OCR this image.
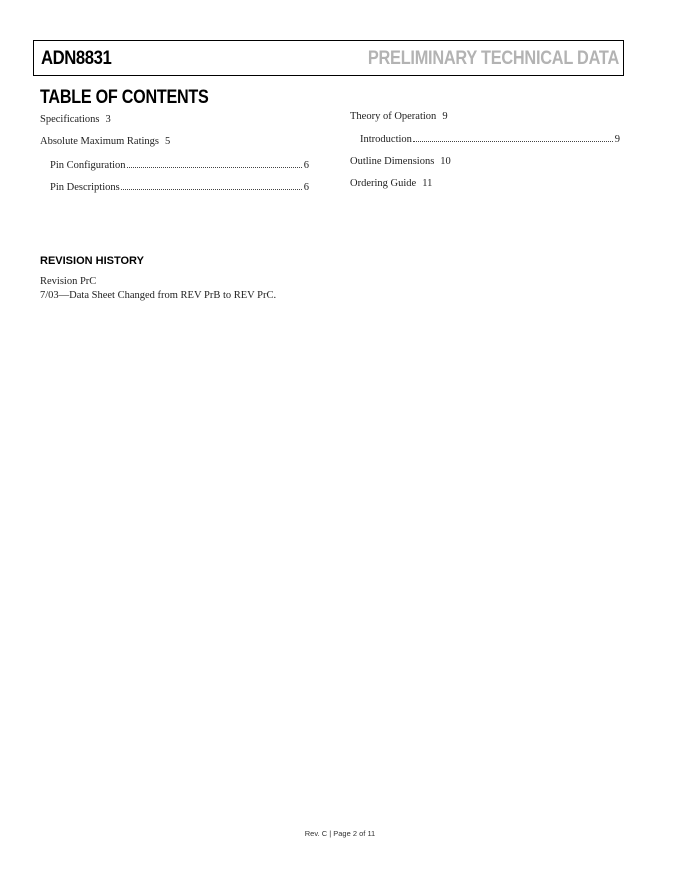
ADN8831	PRELIMINARY TECHNICAL DATA
TABLE OF CONTENTS
Specifications 3
Absolute Maximum Ratings 5
Pin Configuration	6
Pin Descriptions	6
Theory of Operation 9
Introduction	9
Outline Dimensions 10
Ordering Guide 11
REVISION HISTORY
Revision PrC
7/03—Data Sheet Changed from REV PrB to REV PrC.
Rev. C | Page 2 of 11
